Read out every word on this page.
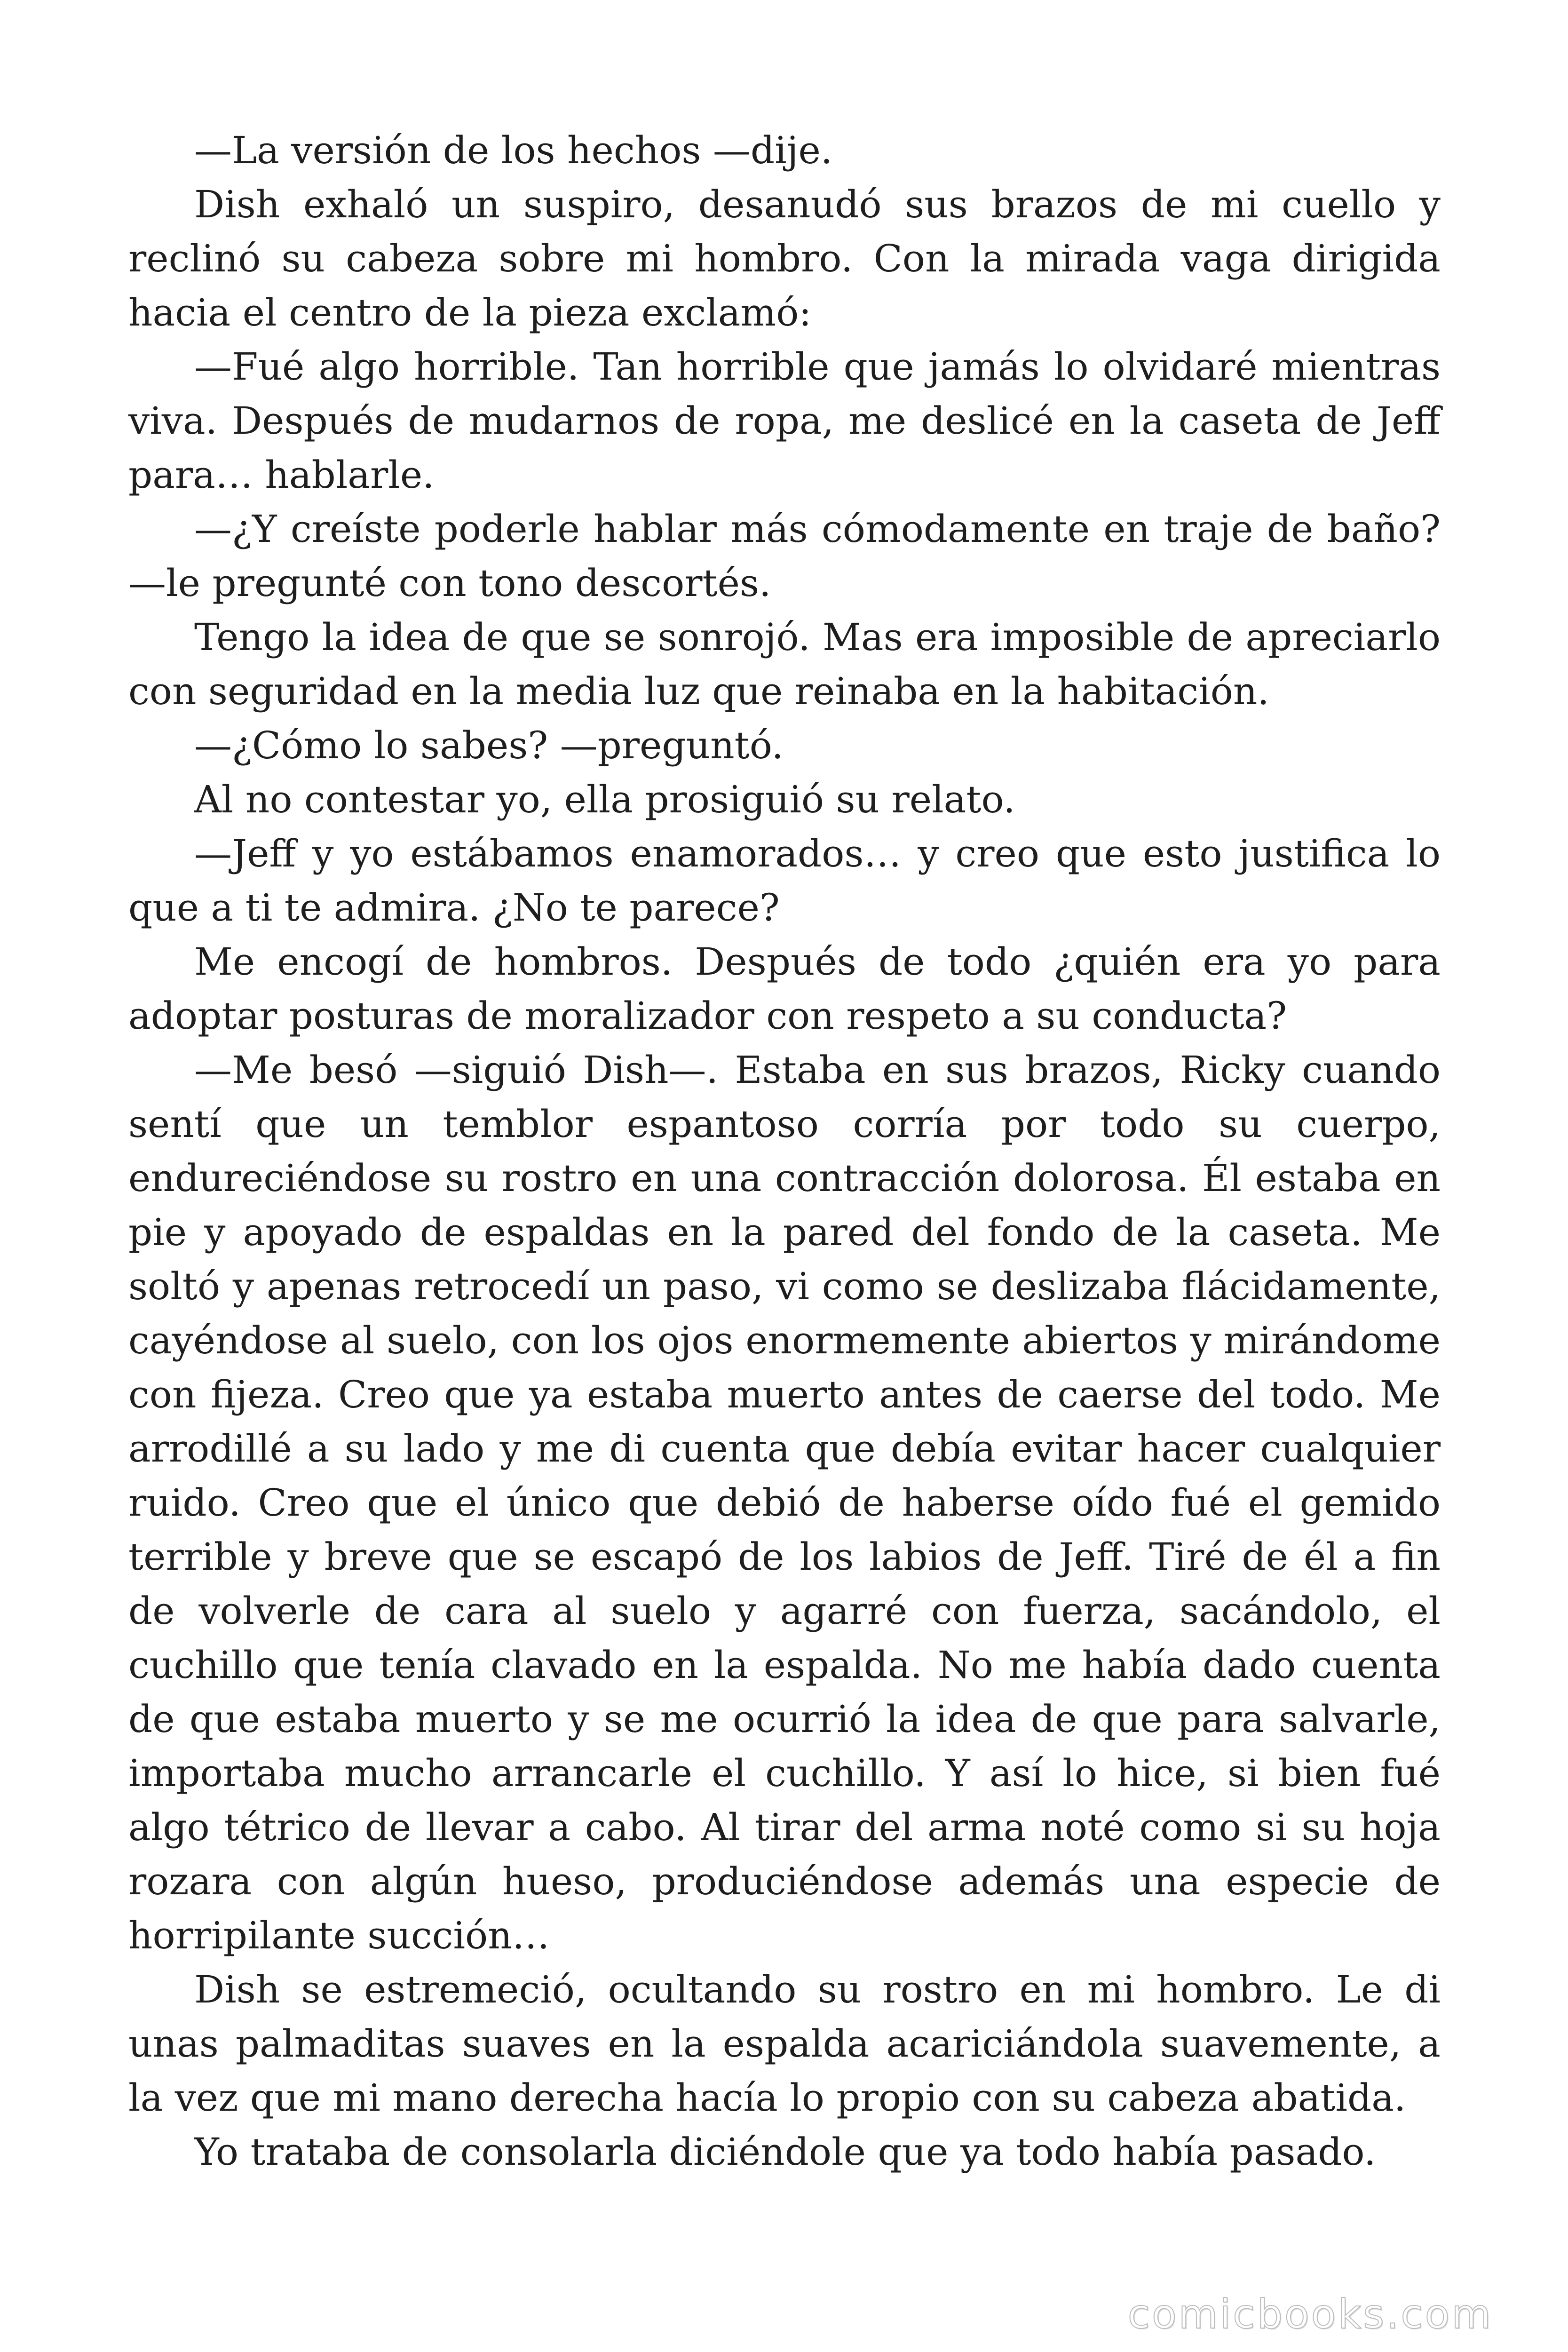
—La versión de los hechos —dije.

Dish exhaló un suspiro, desanudó sus brazos de mi cuello y reclinó su cabeza sobre mi hombro. Con la mirada vaga dirigida hacia el centro de la pieza exclamó:

—Fué algo horrible. Tan horrible que jamás lo olvidaré mientras viva. Después de mudarnos de ropa, me deslicé en la caseta de Jeff para… hablarle.

—¿Y creíste poderle hablar más cómodamente en traje de baño? —le pregunté con tono descortés.

Tengo la idea de que se sonrojó. Mas era imposible de apreciarlo con seguridad en la media luz que reinaba en la habitación.

—¿Cómo lo sabes? —preguntó.

Al no contestar yo, ella prosiguió su relato.

—Jeff y yo estábamos enamorados… y creo que esto justifica lo que a ti te admira. ¿No te parece?

Me encogí de hombros. Después de todo ¿quién era yo para adoptar posturas de moralizador con respeto a su conducta?

—Me besó —siguió Dish—. Estaba en sus brazos, Ricky cuando sentí que un temblor espantoso corría por todo su cuerpo, endureciéndose su rostro en una contracción dolorosa. Él estaba en pie y apoyado de espaldas en la pared del fondo de la caseta. Me soltó y apenas retrocedí un paso, vi como se deslizaba flácidamente, cayéndose al suelo, con los ojos enormemente abiertos y mirándome con fijeza. Creo que ya estaba muerto antes de caerse del todo. Me arrodillé a su lado y me di cuenta que debía evitar hacer cualquier ruido. Creo que el único que debió de haberse oído fué el gemido terrible y breve que se escapó de los labios de Jeff. Tiré de él a fin de volverle de cara al suelo y agarré con fuerza, sacándolo, el cuchillo que tenía clavado en la espalda. No me había dado cuenta de que estaba muerto y se me ocurrió la idea de que para salvarle, importaba mucho arrancarle el cuchillo. Y así lo hice, si bien fué algo tétrico de llevar a cabo. Al tirar del arma noté como si su hoja rozara con algún hueso, produciéndose además una especie de horripilante succión…

Dish se estremeció, ocultando su rostro en mi hombro. Le di unas palmaditas suaves en la espalda acariciándola suavemente, a la vez que mi mano derecha hacía lo propio con su cabeza abatida.

Yo trataba de consolarla diciéndole que ya todo había pasado.

comicbooks.com
